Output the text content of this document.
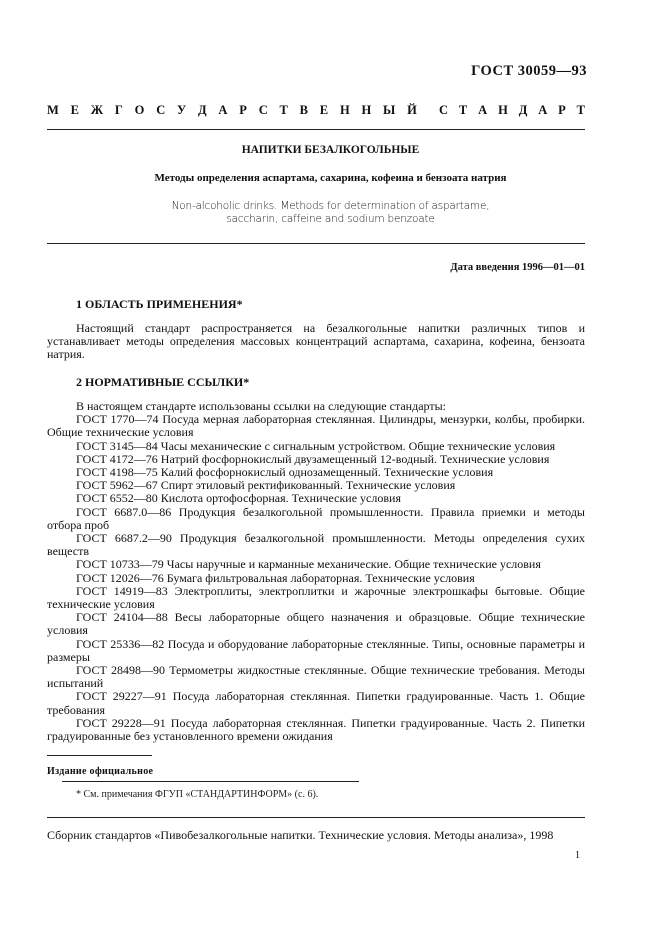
ГОСТ 30059—93
М Е Ж Г О С У Д А Р С Т В Е Н Н Ы Й С Т А Н Д А Р Т
НАПИТКИ БЕЗАЛКОГОЛЬНЫЕ
Методы определения аспартама, сахарина, кофеина и бензоата натрия
Non-alcoholic drinks. Methods for determination of aspartame,
saccharin, caffeine and sodium benzoate
Дата введения 1996—01—01
1 ОБЛАСТЬ ПРИМЕНЕНИЯ*

Настоящий стандарт распространяется на безалкогольные напитки различных типов и устанавливает методы определения массовых концентраций аспартама, сахарина, кофеина, бензоата натрия.

2 НОРМАТИВНЫЕ ССЫЛКИ*

В настоящем стандарте использованы ссылки на следующие стандарты:

ГОСТ 1770—74 Посуда мерная лабораторная стеклянная. Цилиндры, мензурки, колбы, пробирки. Общие технические условия

ГОСТ 3145—84 Часы механические с сигнальным устройством. Общие технические условия

ГОСТ 4172—76 Натрий фосфорнокислый двузамещенный 12-водный. Технические условия

ГОСТ 4198—75 Калий фосфорнокислый однозамещенный. Технические условия

ГОСТ 5962—67 Спирт этиловый ректификованный. Технические условия

ГОСТ 6552—80 Кислота ортофосфорная. Технические условия

ГОСТ 6687.0—86 Продукция безалкогольной промышленности. Правила приемки и методы отбора проб

ГОСТ 6687.2—90 Продукция безалкогольной промышленности. Методы определения сухих веществ

ГОСТ 10733—79 Часы наручные и карманные механические. Общие технические условия

ГОСТ 12026—76 Бумага фильтровальная лабораторная. Технические условия

ГОСТ 14919—83 Электроплиты, электроплитки и жарочные электрошкафы бытовые. Общие технические условия

ГОСТ 24104—88 Весы лабораторные общего назначения и образцовые. Общие технические условия

ГОСТ 25336—82 Посуда и оборудование лабораторные стеклянные. Типы, основные параметры и размеры

ГОСТ 28498—90 Термометры жидкостные стеклянные. Общие технические требования. Методы испытаний

ГОСТ 29227—91 Посуда лабораторная стеклянная. Пипетки градуированные. Часть 1. Общие требования

ГОСТ 29228—91 Посуда лабораторная стеклянная. Пипетки градуированные. Часть 2. Пипетки градуированные без установленного времени ожидания

Издание официальное
* См. примечания ФГУП «СТАНДАРТИНФОРМ» (с. 6).
Сборник стандартов «Пивобезалкогольные напитки. Технические условия. Методы анализа», 1998
1
